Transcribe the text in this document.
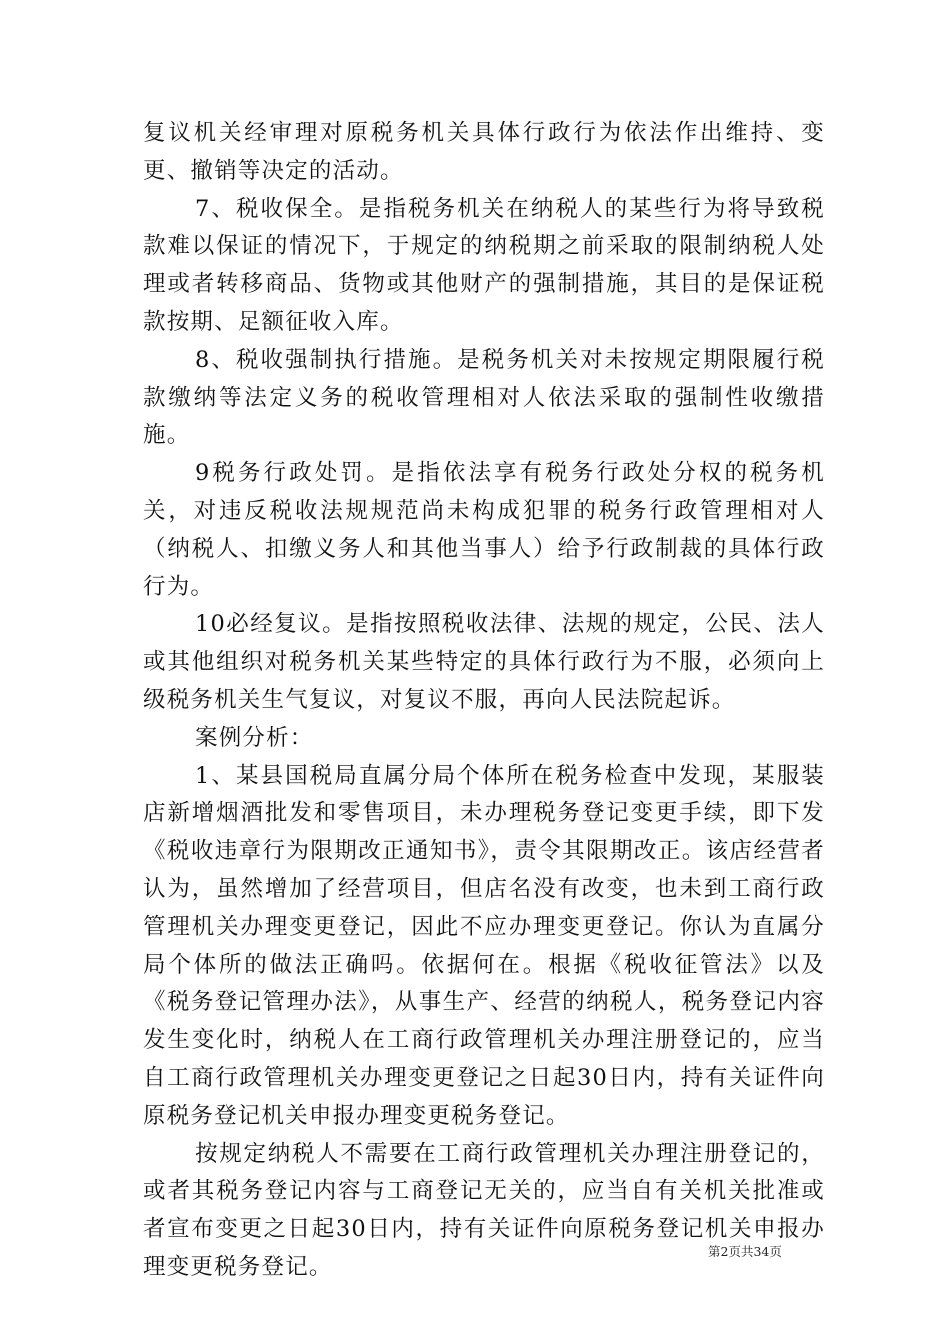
复议机关经审理对原税务机关具体行政行为依法作出维持、变更、撤销等决定的活动。

7、税收保全。是指税务机关在纳税人的某些行为将导致税款难以保证的情况下，于规定的纳税期之前采取的限制纳税人处理或者转移商品、货物或其他财产的强制措施，其目的是保证税款按期、足额征收入库。

8、税收强制执行措施。是税务机关对未按规定期限履行税款缴纳等法定义务的税收管理相对人依法采取的强制性收缴措施。

9税务行政处罚。是指依法享有税务行政处分权的税务机关，对违反税收法规规范尚未构成犯罪的税务行政管理相对人（纳税人、扣缴义务人和其他当事人）给予行政制裁的具体行政行为。

10必经复议。是指按照税收法律、法规的规定，公民、法人或其他组织对税务机关某些特定的具体行政行为不服，必须向上级税务机关生气复议，对复议不服，再向人民法院起诉。

案例分析：

1、某县国税局直属分局个体所在税务检查中发现，某服装店新增烟酒批发和零售项目，未办理税务登记变更手续，即下发《税收违章行为限期改正通知书》，责令其限期改正。该店经营者认为，虽然增加了经营项目，但店名没有改变，也未到工商行政管理机关办理变更登记，因此不应办理变更登记。你认为直属分局个体所的做法正确吗。依据何在。根据《税收征管法》以及《税务登记管理办法》，从事生产、经营的纳税人，税务登记内容发生变化时，纳税人在工商行政管理机关办理注册登记的，应当自工商行政管理机关办理变更登记之日起30日内，持有关证件向原税务登记机关申报办理变更税务登记。

按规定纳税人不需要在工商行政管理机关办理注册登记的，或者其税务登记内容与工商登记无关的，应当自有关机关批准或者宣布变更之日起30日内，持有关证件向原税务登记机关申报办理变更税务登记。

第2页共34页
